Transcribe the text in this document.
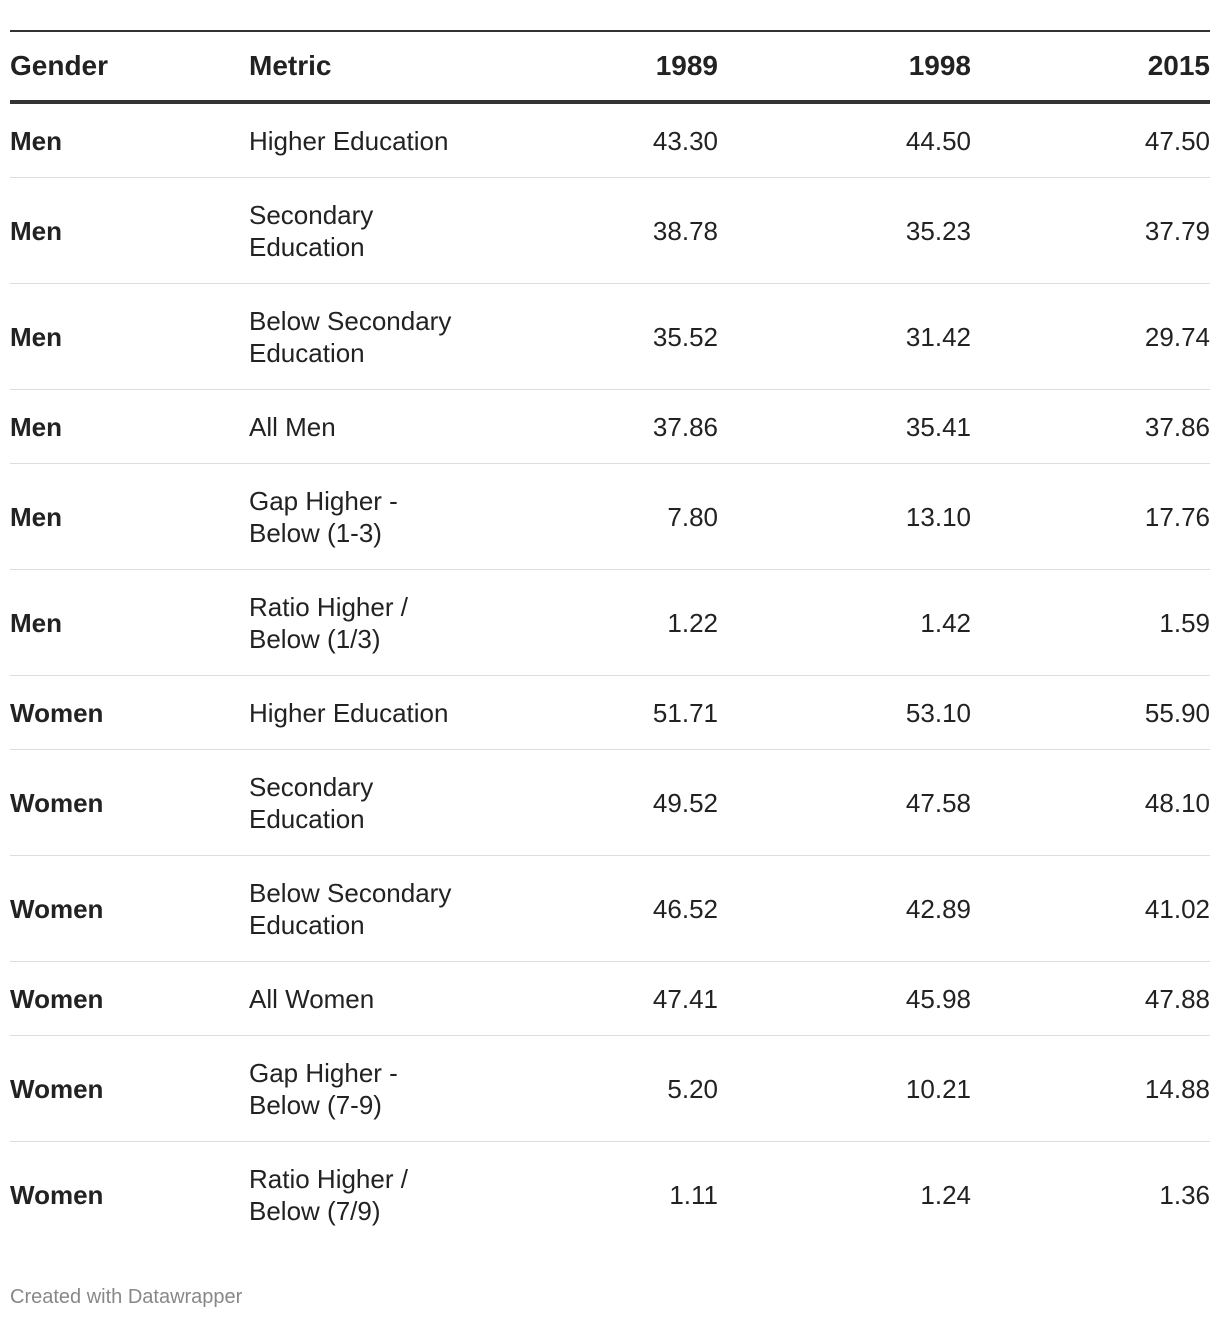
Gender	Metric	1989	1998	2015
Men	Higher Education	43.30	44.50	47.50
Men	Secondary Education	38.78	35.23	37.79
Men	Below Secondary Education	35.52	31.42	29.74
Men	All Men	37.86	35.41	37.86
Men	Gap Higher - Below (1-3)	7.80	13.10	17.76
Men	Ratio Higher / Below (1/3)	1.22	1.42	1.59
Women	Higher Education	51.71	53.10	55.90
Women	Secondary Education	49.52	47.58	48.10
Women	Below Secondary Education	46.52	42.89	41.02
Women	All Women	47.41	45.98	47.88
Women	Gap Higher - Below (7-9)	5.20	10.21	14.88
Women	Ratio Higher / Below (7/9)	1.11	1.24	1.36
Created with Datawrapper
